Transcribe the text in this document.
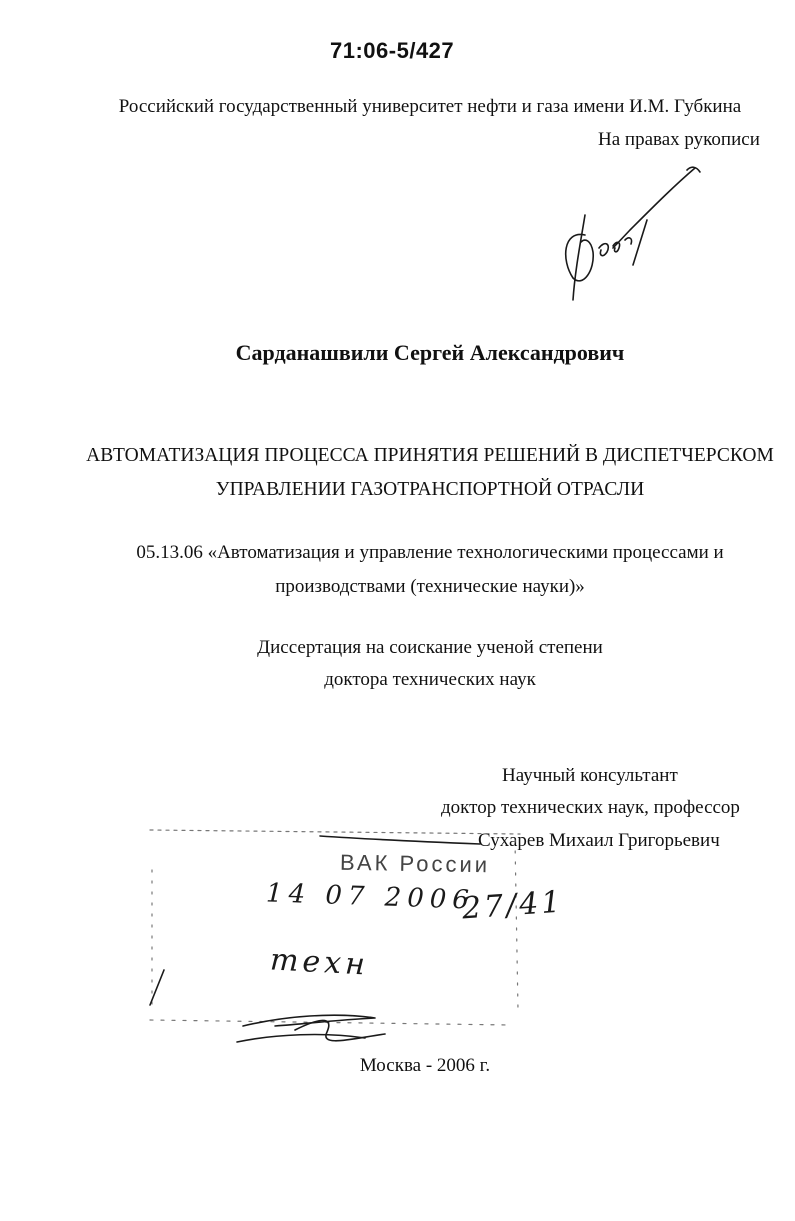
71:06-5/427
Российский государственный университет нефти и газа имени И.М. Губкина
На правах рукописи
Сарданашвили Сергей Александрович
АВТОМАТИЗАЦИЯ ПРОЦЕССА ПРИНЯТИЯ РЕШЕНИЙ В ДИСПЕТЧЕРСКОМ
УПРАВЛЕНИИ ГАЗОТРАНСПОРТНОЙ ОТРАСЛИ
05.13.06 «Автоматизация и управление технологическими процессами и
производствами (технические науки)»
Диссертация на соискание ученой степени
доктора технических наук
Научный консультант
доктор технических наук, профессор
Сухарев Михаил Григорьевич
ВАК России
14 07 2006
27/41
техн
Москва - 2006 г.
